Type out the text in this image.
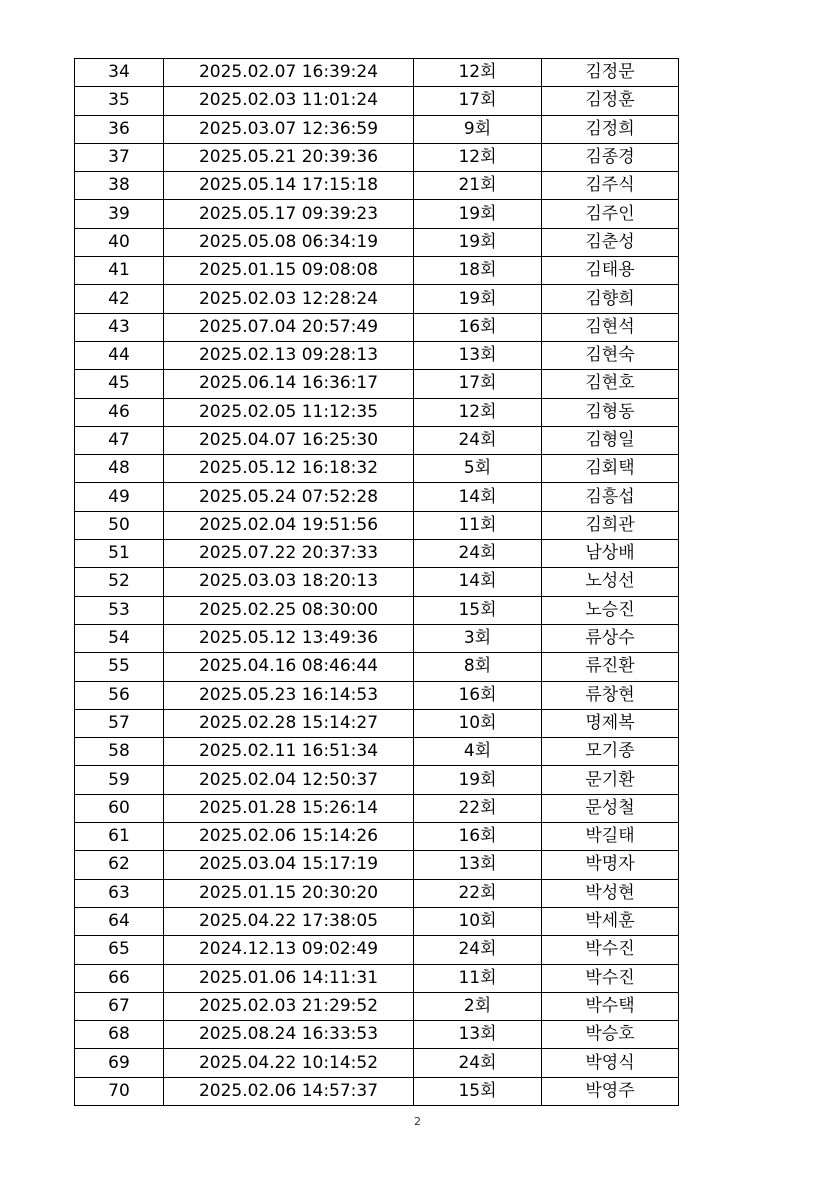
34	2025.02.07 16:39:24	12회	김정문
35	2025.02.03 11:01:24	17회	김정훈
36	2025.03.07 12:36:59	9회	김정희
37	2025.05.21 20:39:36	12회	김종경
38	2025.05.14 17:15:18	21회	김주식
39	2025.05.17 09:39:23	19회	김주인
40	2025.05.08 06:34:19	19회	김춘성
41	2025.01.15 09:08:08	18회	김태용
42	2025.02.03 12:28:24	19회	김향희
43	2025.07.04 20:57:49	16회	김현석
44	2025.02.13 09:28:13	13회	김현숙
45	2025.06.14 16:36:17	17회	김현호
46	2025.02.05 11:12:35	12회	김형동
47	2025.04.07 16:25:30	24회	김형일
48	2025.05.12 16:18:32	5회	김회택
49	2025.05.24 07:52:28	14회	김흥섭
50	2025.02.04 19:51:56	11회	김희관
51	2025.07.22 20:37:33	24회	남상배
52	2025.03.03 18:20:13	14회	노성선
53	2025.02.25 08:30:00	15회	노승진
54	2025.05.12 13:49:36	3회	류상수
55	2025.04.16 08:46:44	8회	류진환
56	2025.05.23 16:14:53	16회	류창현
57	2025.02.28 15:14:27	10회	명제복
58	2025.02.11 16:51:34	4회	모기종
59	2025.02.04 12:50:37	19회	문기환
60	2025.01.28 15:26:14	22회	문성철
61	2025.02.06 15:14:26	16회	박길태
62	2025.03.04 15:17:19	13회	박명자
63	2025.01.15 20:30:20	22회	박성현
64	2025.04.22 17:38:05	10회	박세훈
65	2024.12.13 09:02:49	24회	박수진
66	2025.01.06 14:11:31	11회	박수진
67	2025.02.03 21:29:52	2회	박수택
68	2025.08.24 16:33:53	13회	박승호
69	2025.04.22 10:14:52	24회	박영식
70	2025.02.06 14:57:37	15회	박영주
2
